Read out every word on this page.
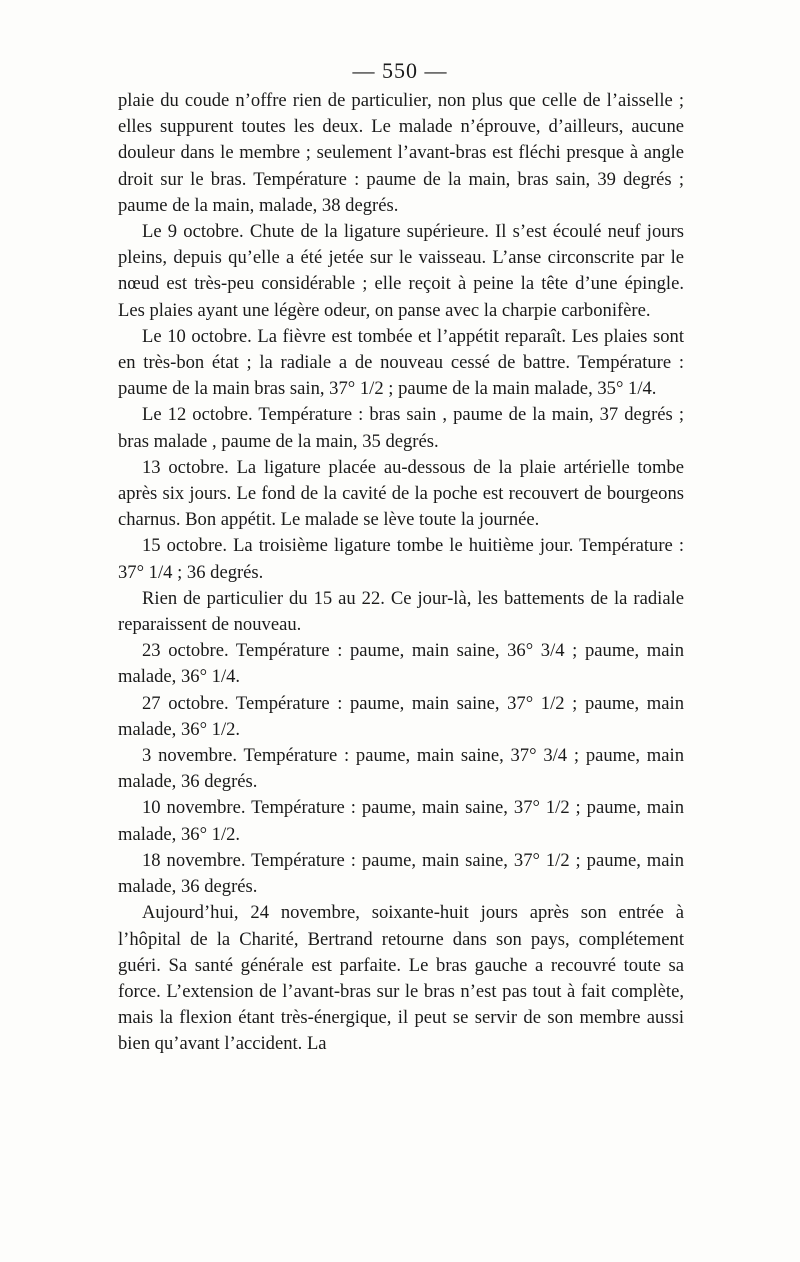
— 550 —

plaie du coude n’offre rien de particulier, non plus que celle de l’aisselle ; elles suppurent toutes les deux. Le malade n’éprouve, d’ailleurs, aucune douleur dans le membre ; seulement l’avant-bras est fléchi presque à angle droit sur le bras. Température : paume de la main, bras sain, 39 degrés ; paume de la main, malade, 38 degrés.

Le 9 octobre. Chute de la ligature supérieure. Il s’est écoulé neuf jours pleins, depuis qu’elle a été jetée sur le vaisseau. L’anse circonscrite par le nœud est très-peu considérable ; elle reçoit à peine la tête d’une épingle. Les plaies ayant une légère odeur, on panse avec la charpie carbonifère.

Le 10 octobre. La fièvre est tombée et l’appétit reparaît. Les plaies sont en très-bon état ; la radiale a de nouveau cessé de battre. Température : paume de la main bras sain, 37° 1/2 ; paume de la main malade, 35° 1/4.

Le 12 octobre. Température : bras sain , paume de la main, 37 degrés ; bras malade , paume de la main, 35 degrés.

13 octobre. La ligature placée au-dessous de la plaie artérielle tombe après six jours. Le fond de la cavité de la poche est recouvert de bourgeons charnus. Bon appétit. Le malade se lève toute la journée.

15 octobre. La troisième ligature tombe le huitième jour. Température : 37° 1/4 ; 36 degrés.

Rien de particulier du 15 au 22. Ce jour-là, les battements de la radiale reparaissent de nouveau.

23 octobre. Température : paume, main saine, 36° 3/4 ; paume, main malade, 36° 1/4.

27 octobre. Température : paume, main saine, 37° 1/2 ; paume, main malade, 36° 1/2.

3 novembre. Température : paume, main saine, 37° 3/4 ; paume, main malade, 36 degrés.

10 novembre. Température : paume, main saine, 37° 1/2 ; paume, main malade, 36° 1/2.

18 novembre. Température : paume, main saine, 37° 1/2 ; paume, main malade, 36 degrés.

Aujourd’hui, 24 novembre, soixante-huit jours après son entrée à l’hôpital de la Charité, Bertrand retourne dans son pays, complétement guéri. Sa santé générale est parfaite. Le bras gauche a recouvré toute sa force. L’extension de l’avant-bras sur le bras n’est pas tout à fait complète, mais la flexion étant très-énergique, il peut se servir de son membre aussi bien qu’avant l’accident. La
